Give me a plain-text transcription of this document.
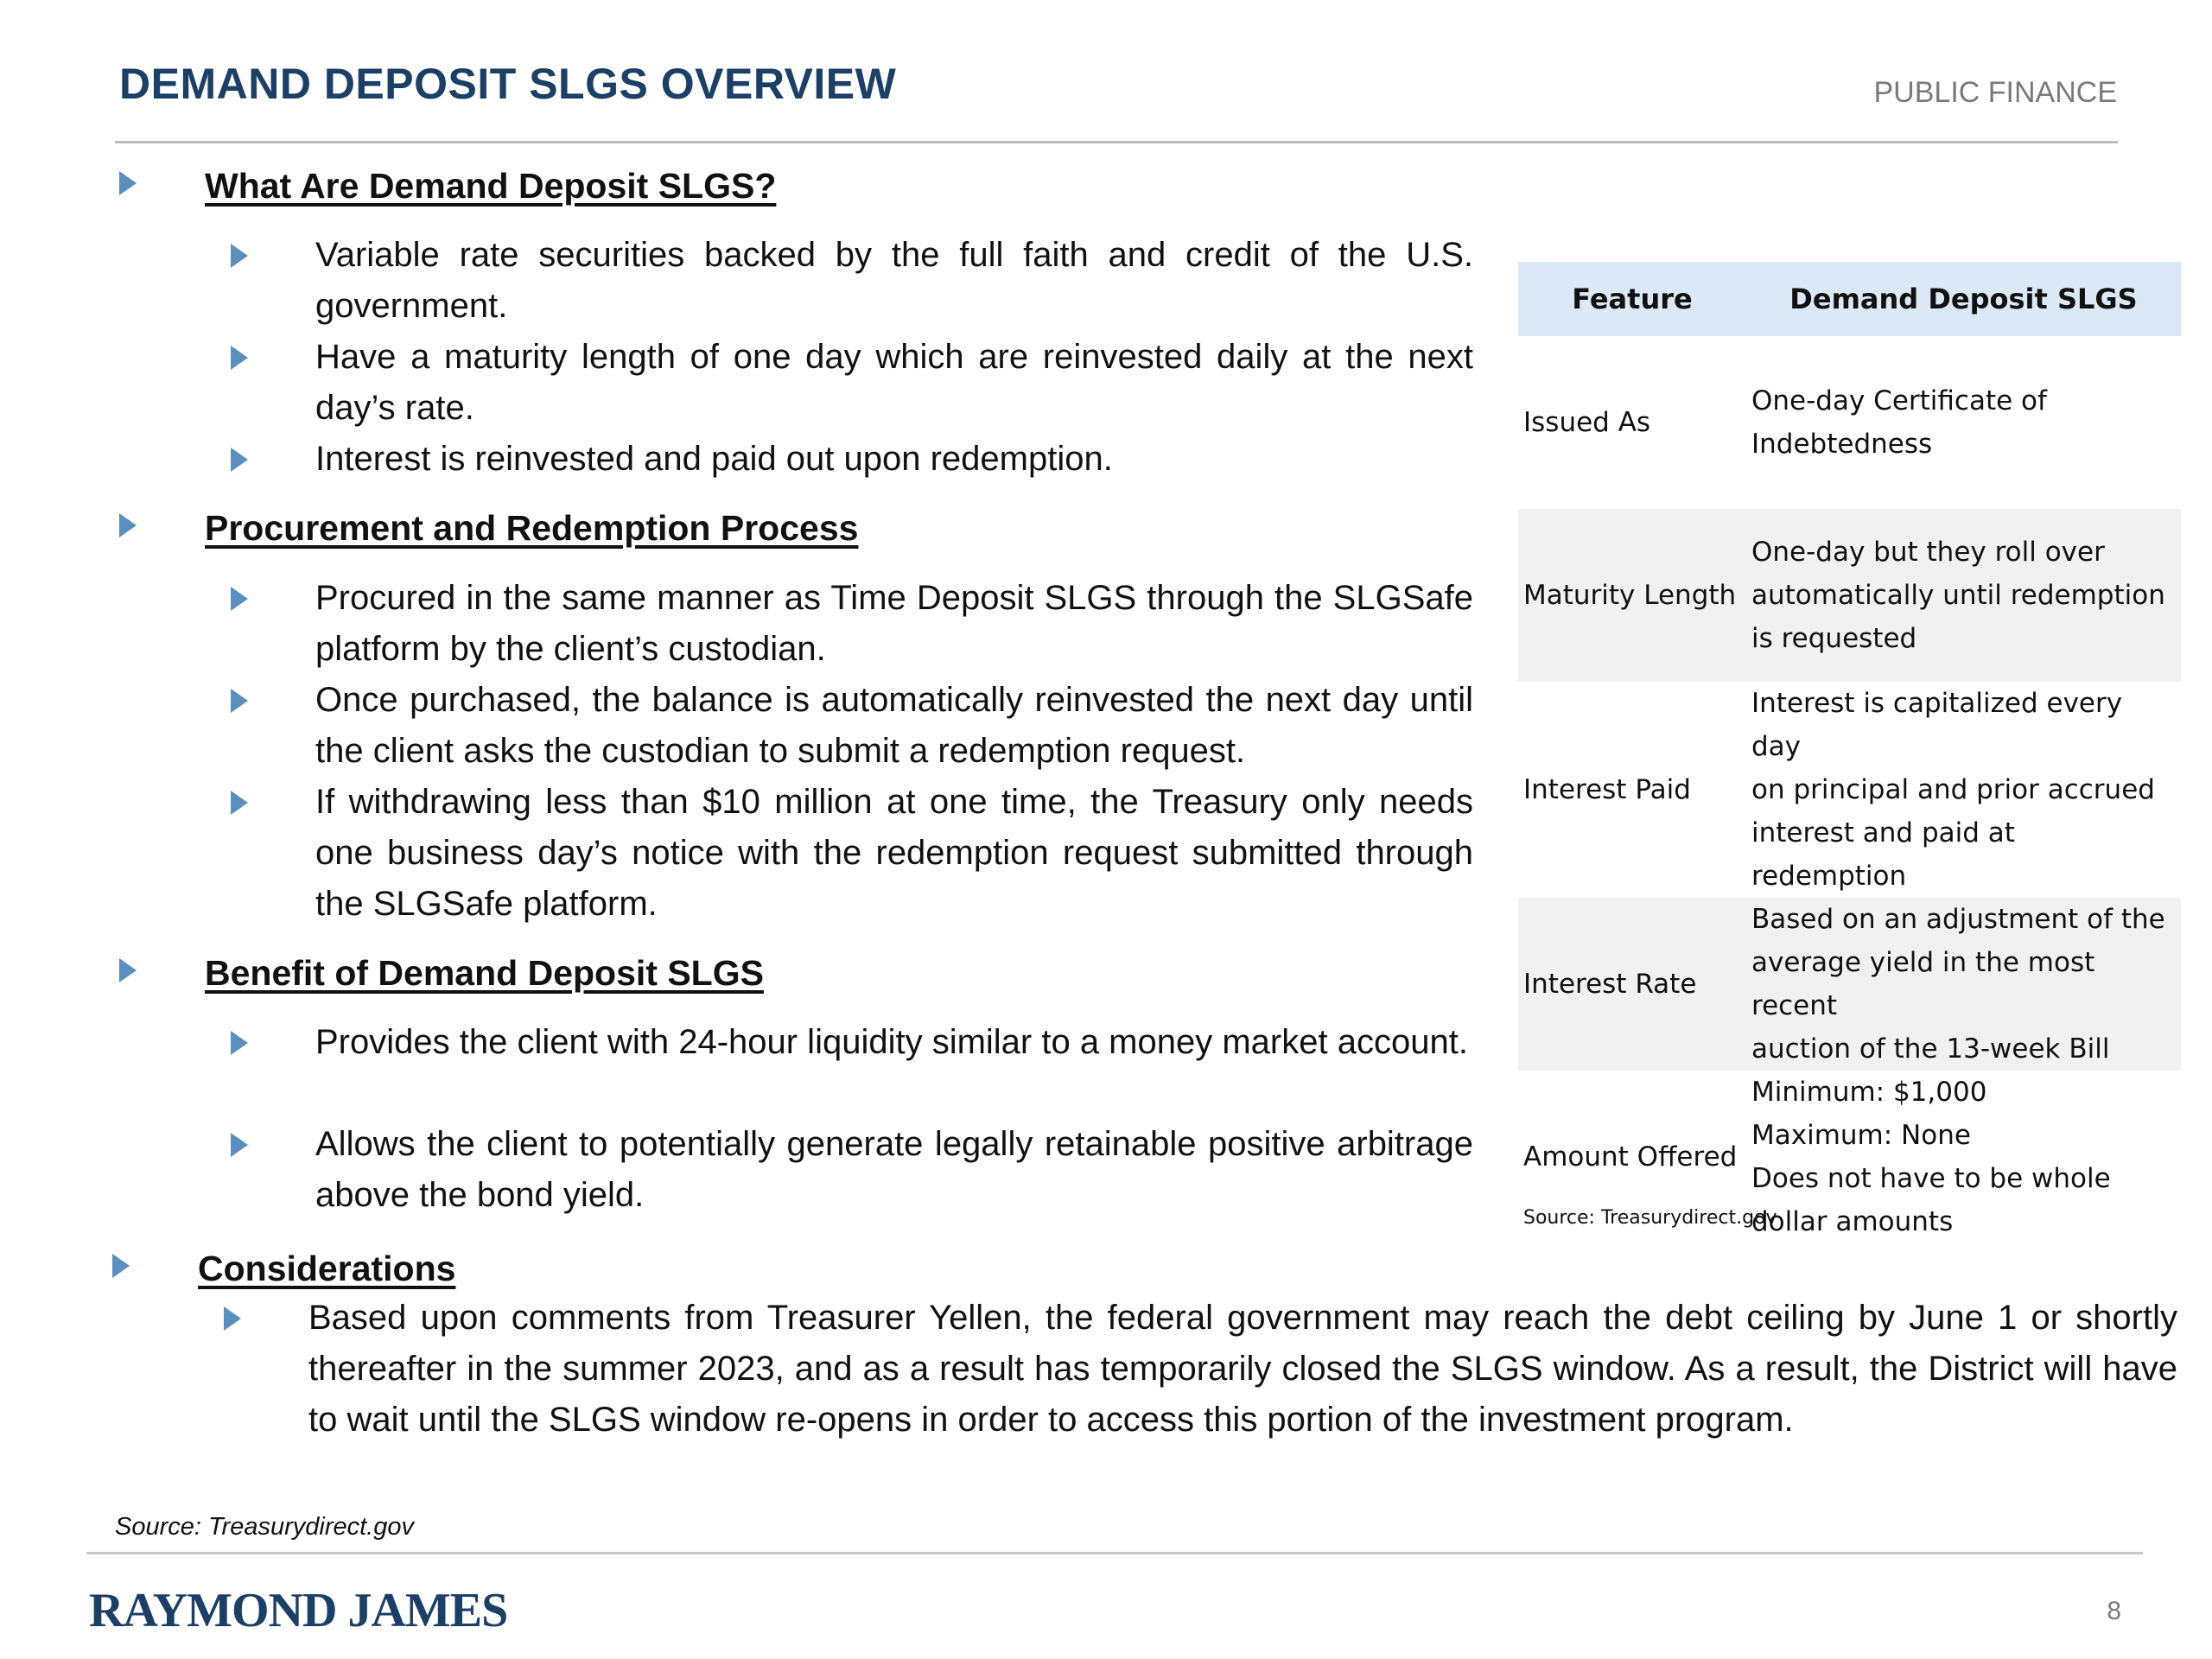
DEMAND DEPOSIT SLGS OVERVIEW	PUBLIC FINANCE
What Are Demand Deposit SLGS?
Variable rate securities backed by the full faith and credit of the U.S. government.
Have a maturity length of one day which are reinvested daily at the next day’s rate.
Interest is reinvested and paid out upon redemption.
Procurement and Redemption Process
Procured in the same manner as Time Deposit SLGS through the SLGSafe platform by the client’s custodian.
Once purchased, the balance is automatically reinvested the next day until the client asks the custodian to submit a redemption request.
If withdrawing less than $10 million at one time, the Treasury only needs one business day’s notice with the redemption request submitted through the SLGSafe platform.
Benefit of Demand Deposit SLGS
Provides the client with 24-hour liquidity similar to a money market account.
Allows the client to potentially generate legally retainable positive arbitrage above the bond yield.
Feature	Demand Deposit SLGS
Issued As	One-day Certificate of
Indebtedness

Maturity Length	One-day but they roll over
automatically until redemption
is requested

Interest Paid	Interest is capitalized every day
on principal and prior accrued
interest and paid at redemption

Interest Rate	Based on an adjustment of the
average yield in the most recent
auction of the 13-week Bill

Amount Offered	Minimum: $1,000
Maximum: None
Does not have to be whole
dollar amounts
Source: Treasurydirect.gov
Considerations
Based upon comments from Treasurer Yellen, the federal government may reach the debt ceiling by June 1 or shortly thereafter in the summer 2023, and as a result has temporarily closed the SLGS window. As a result, the District will have to wait until the SLGS window re-opens in order to access this portion of the investment program.
Source: Treasurydirect.gov
RAYMOND JAMES	8
